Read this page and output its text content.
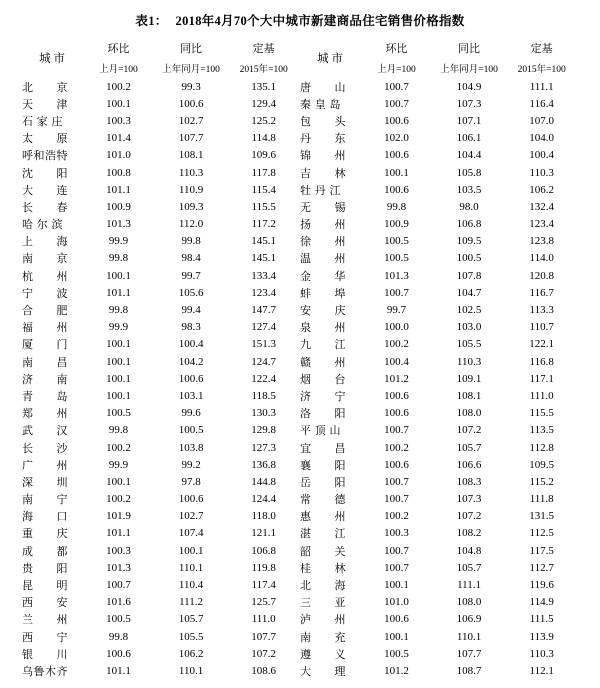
表1： 2018年4月70个大中城市新建商品住宅销售价格指数
城 市	环比	同比	定基	城 市	环比	同比	定基
	上月=100	上年同月=100	2015年=100		上月=100	上年同月=100	2015年=100
北　　京	100.2	99.3	135.1	唐　　山	100.7	104.9	111.1
天　　津	100.1	100.6	129.4	秦 皇 岛	100.7	107.3	116.4
石 家 庄	100.3	102.7	125.2	包　　头	100.6	107.1	107.0
太　　原	101.4	107.7	114.8	丹　　东	102.0	106.1	104.0
呼和浩特	101.0	108.1	109.6	锦　　州	100.6	104.4	100.4
沈　　阳	100.8	110.3	117.8	吉　　林	100.1	105.8	110.3
大　　连	101.1	110.9	115.4	牡 丹 江	100.6	103.5	106.2
长　　春	100.9	109.3	115.5	无　　锡	99.8	98.0	132.4
哈 尔 滨	101.3	112.0	117.2	扬　　州	100.9	106.8	123.4
上　　海	99.9	99.8	145.1	徐　　州	100.5	109.5	123.8
南　　京	99.8	98.4	145.1	温　　州	100.5	100.5	114.0
杭　　州	100.1	99.7	133.4	金　　华	101.3	107.8	120.8
宁　　波	101.1	105.6	123.4	蚌　　埠	100.7	104.7	116.7
合　　肥	99.8	99.4	147.7	安　　庆	99.7	102.5	113.3
福　　州	99.9	98.3	127.4	泉　　州	100.0	103.0	110.7
厦　　门	100.1	100.4	151.3	九　　江	100.2	105.5	122.1
南　　昌	100.1	104.2	124.7	赣　　州	100.4	110.3	116.8
济　　南	100.1	100.6	122.4	烟　　台	101.2	109.1	117.1
青　　岛	100.1	103.1	118.5	济　　宁	100.6	108.1	111.0
郑　　州	100.5	99.6	130.3	洛　　阳	100.6	108.0	115.5
武　　汉	99.8	100.5	129.8	平 顶 山	100.7	107.2	113.5
长　　沙	100.2	103.8	127.3	宜　　昌	100.2	105.7	112.8
广　　州	99.9	99.2	136.8	襄　　阳	100.6	106.6	109.5
深　　圳	100.1	97.8	144.8	岳　　阳	100.7	108.3	115.2
南　　宁	100.2	100.6	124.4	常　　德	100.7	107.3	111.8
海　　口	101.9	102.7	118.0	惠　　州	100.2	107.2	131.5
重　　庆	101.1	107.4	121.1	湛　　江	100.3	108.2	112.5
成　　都	100.3	100.1	106.8	韶　　关	100.7	104.8	117.5
贵　　阳	101.3	110.1	119.8	桂　　林	100.7	105.7	112.7
昆　　明	100.7	110.4	117.4	北　　海	100.1	111.1	119.6
西　　安	101.6	111.2	125.7	三　　亚	101.0	108.0	114.9
兰　　州	100.5	105.7	111.0	泸　　州	100.6	106.9	111.5
西　　宁	99.8	105.5	107.7	南　　充	100.1	110.1	113.9
银　　川	100.6	106.2	107.2	遵　　义	100.5	107.7	110.3
乌鲁木齐	101.1	110.1	108.6	大　　理	101.2	108.7	112.1
